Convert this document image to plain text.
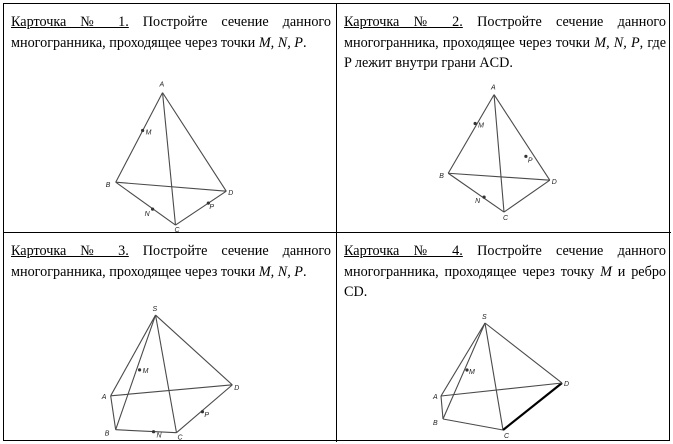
Карточка № 1. Постройте сечение данного многогранника, проходящее через точки M, N, P.
A
B
C
D
M
N
P
Карточка № 2. Постройте сечение данного многогранника, проходящее через точки M, N, P, где P лежит внутри грани ACD.
A
B
C
D
M
N
P
Карточка № 3. Постройте сечение данного многогранника, проходящее через точки M, N, P.
S
A
B
C
D
M
N
P
Карточка № 4. Постройте сечение данного многогранника, проходящее через точку M и ребро CD.
S
A
B
C
D
M
